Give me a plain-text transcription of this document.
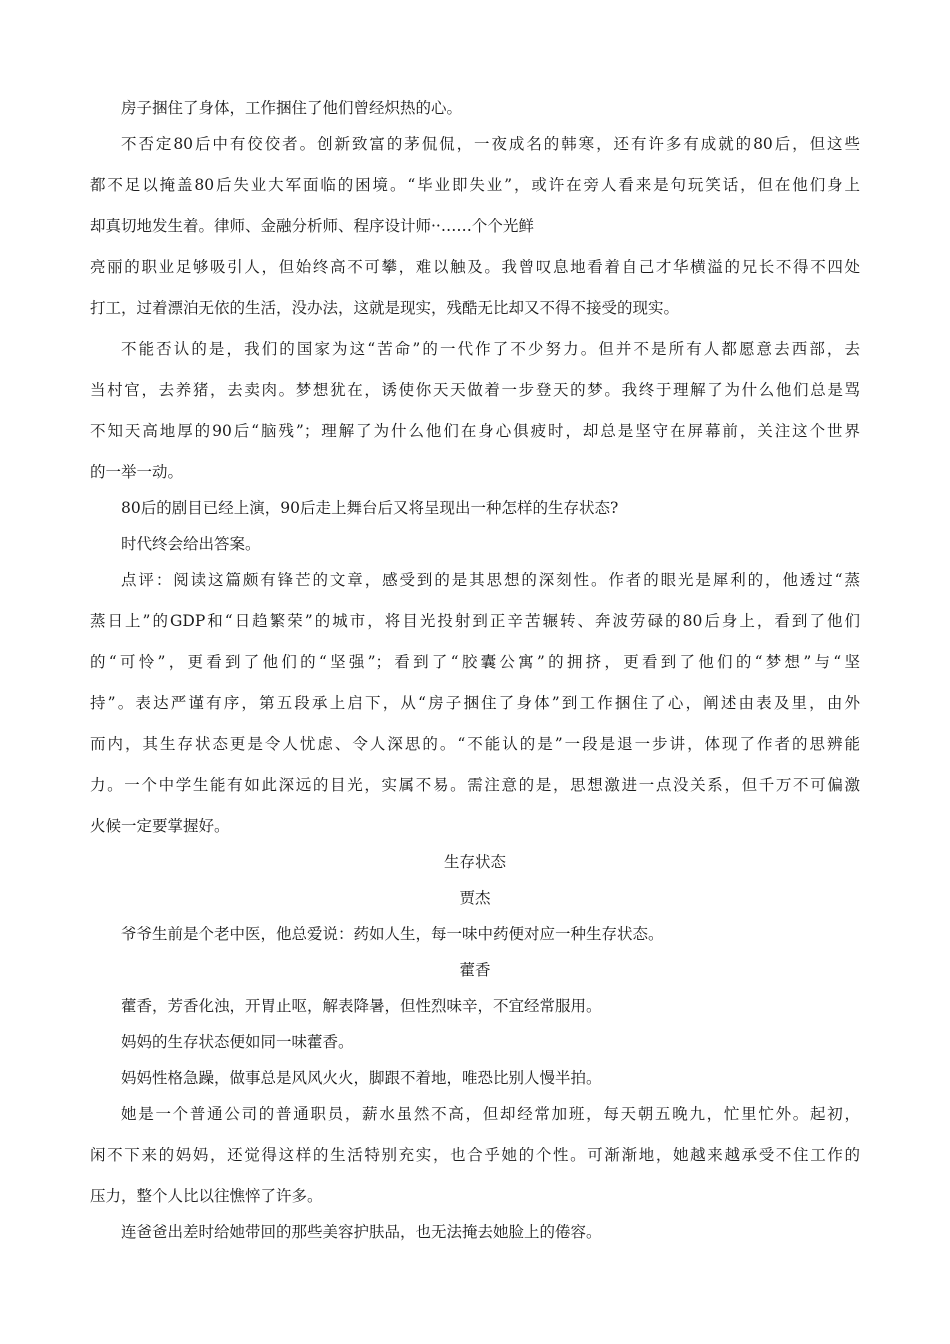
房子捆住了身体，工作捆住了他们曾经炽热的心。
不否定80后中有佼佼者。创新致富的茅侃侃，一夜成名的韩寒，还有许多有成就的80后，但这些
都不足以掩盖80后失业大军面临的困境。“毕业即失业”，或许在旁人看来是句玩笑话，但在他们身上
却真切地发生着。律师、金融分析师、程序设计师··……个个光鲜
亮丽的职业足够吸引人，但始终高不可攀，难以触及。我曾叹息地看着自己才华横溢的兄长不得不四处
打工，过着漂泊无依的生活，没办法，这就是现实，残酷无比却又不得不接受的现实。
不能否认的是，我们的国家为这“苦命”的一代作了不少努力。但并不是所有人都愿意去西部，去
当村官，去养猪，去卖肉。梦想犹在，诱使你天天做着一步登天的梦。我终于理解了为什么他们总是骂
不知天高地厚的90后“脑残”；理解了为什么他们在身心俱疲时，却总是坚守在屏幕前，关注这个世界
的一举一动。
80后的剧目已经上演，90后走上舞台后又将呈现出一种怎样的生存状态?
时代终会给出答案。
点评：阅读这篇颇有锋芒的文章，感受到的是其思想的深刻性。作者的眼光是犀利的，他透过“蒸
蒸日上”的GDP和“日趋繁荣”的城市，将目光投射到正辛苦辗转、奔波劳碌的80后身上，看到了他们
的“可怜”，更看到了他们的“坚强”；看到了“胶囊公寓”的拥挤，更看到了他们的“梦想”与“坚
持”。表达严谨有序，第五段承上启下，从“房子捆住了身体”到工作捆住了心，阐述由表及里，由外
而内，其生存状态更是令人忧虑、令人深思的。“不能认的是”一段是退一步讲，体现了作者的思辨能
力。一个中学生能有如此深远的目光，实属不易。需注意的是，思想激进一点没关系，但千万不可偏激
火候一定要掌握好。
生存状态
贾杰
爷爷生前是个老中医，他总爱说：药如人生，每一味中药便对应一种生存状态。
藿香
藿香，芳香化浊，开胃止呕，解表降暑，但性烈味辛，不宜经常服用。
妈妈的生存状态便如同一味藿香。
妈妈性格急躁，做事总是风风火火，脚跟不着地，唯恐比别人慢半拍。
她是一个普通公司的普通职员，薪水虽然不高，但却经常加班，每天朝五晚九，忙里忙外。起初，
闲不下来的妈妈，还觉得这样的生活特别充实，也合乎她的个性。可渐渐地，她越来越承受不住工作的
压力，整个人比以往憔悴了许多。
连爸爸出差时给她带回的那些美容护肤品，也无法掩去她脸上的倦容。
